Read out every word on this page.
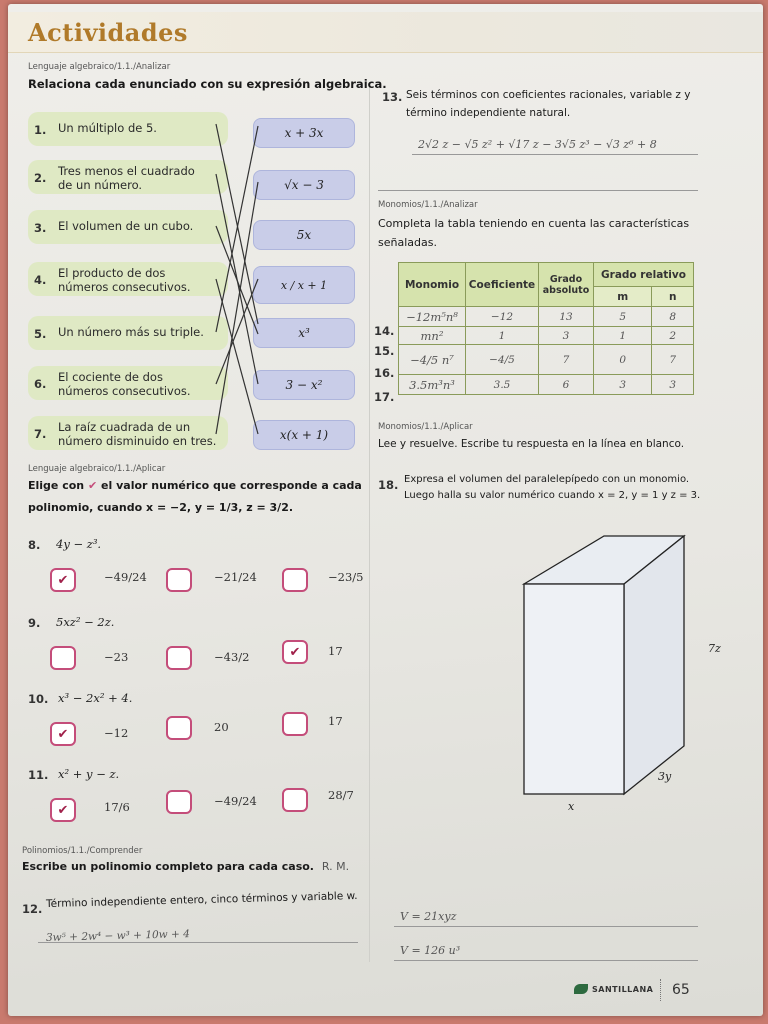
Actividades
Lenguaje algebraico/1.1./Analizar
Relaciona cada enunciado con su expresión algebraica.
1. Un múltiplo de 5.
2. Tres menos el cuadrado de un número.
3. El volumen de un cubo.
4. El producto de dos números consecutivos.
5. Un número más su triple.
6. El cociente de dos números consecutivos.
7. La raíz cuadrada de un número disminuido en tres.
x + 3x
√x − 3
5x
x / x + 1
x³
3 − x²
x(x + 1)
Lenguaje algebraico/1.1./Aplicar
Elige con ✔ el valor numérico que corresponde a cada
polinomio, cuando x = −2, y = 1/3, z = 3/2.
8. 4y − z³.
✔	−49/24	−21/24	−23/5
9. 5xz² − 2z.
−23	−43/2	✔ 17
10. x³ − 2x² + 4.
✔	−12	20	17
11. x² + y − z.
✔	17/6	−49/24	28/7
Polinomios/1.1./Comprender
Escribe un polinomio completo para cada caso. R. M.
12. Término independiente entero, cinco términos y variable w.
3w⁵ + 2w⁴ − w³ + 10w + 4
13. Seis términos con coeficientes racionales, variable z y
término independiente natural.
2√2 z − √5 z² + √17 z − 3√5 z³ − √3 z⁶ + 8
Monomios/1.1./Analizar
Completa la tabla teniendo en cuenta las características
señaladas.
14.
15.
16.
17.
Monomio	Coeficiente	Grado absoluto	Grado relativo	
			m	n
−12m⁵n⁸	−12	13	5	8
mn²	1	3	1	2
−4/5 n⁷	−4/5	7	0	7
3.5m³n³	3.5	6	3	3
Monomios/1.1./Aplicar
Lee y resuelve. Escribe tu respuesta en la línea en blanco.
18. Expresa el volumen del paralelepípedo con un monomio.
Luego halla su valor numérico cuando x = 2, y = 1 y z = 3.
7z
3y
x
V = 21xyz
V = 126 u³
SANTILLANA 65
